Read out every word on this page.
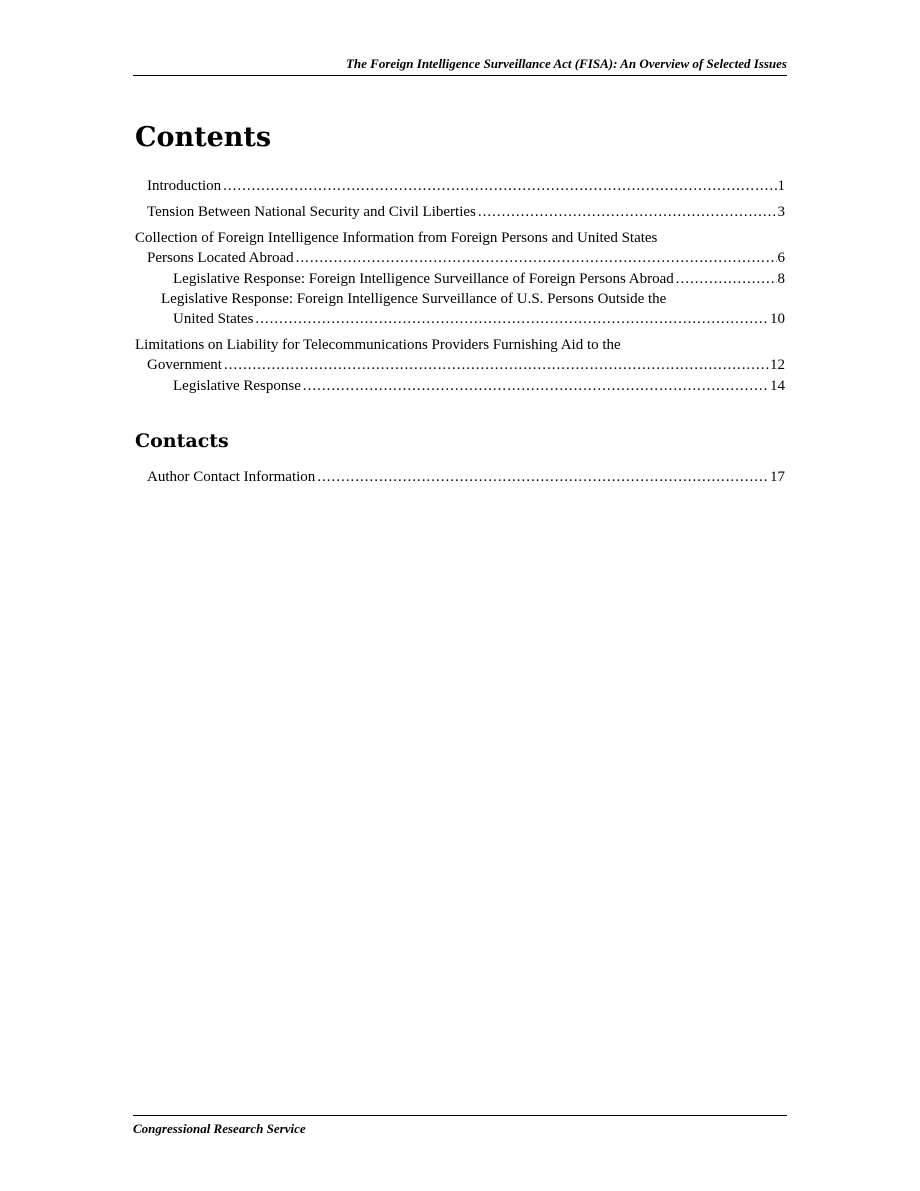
The Foreign Intelligence Surveillance Act (FISA): An Overview of Selected Issues
Contents
Introduction .....	1
Tension Between National Security and Civil Liberties .....	3
Collection of Foreign Intelligence Information from Foreign Persons and United States
Persons Located Abroad .....	6
Legislative Response: Foreign Intelligence Surveillance of Foreign Persons Abroad .....	8
Legislative Response: Foreign Intelligence Surveillance of U.S. Persons Outside the
United States .....	10
Limitations on Liability for Telecommunications Providers Furnishing Aid to the
Government .....	12
Legislative Response .....	14
Contacts
Author Contact Information .....	17
Congressional Research Service
